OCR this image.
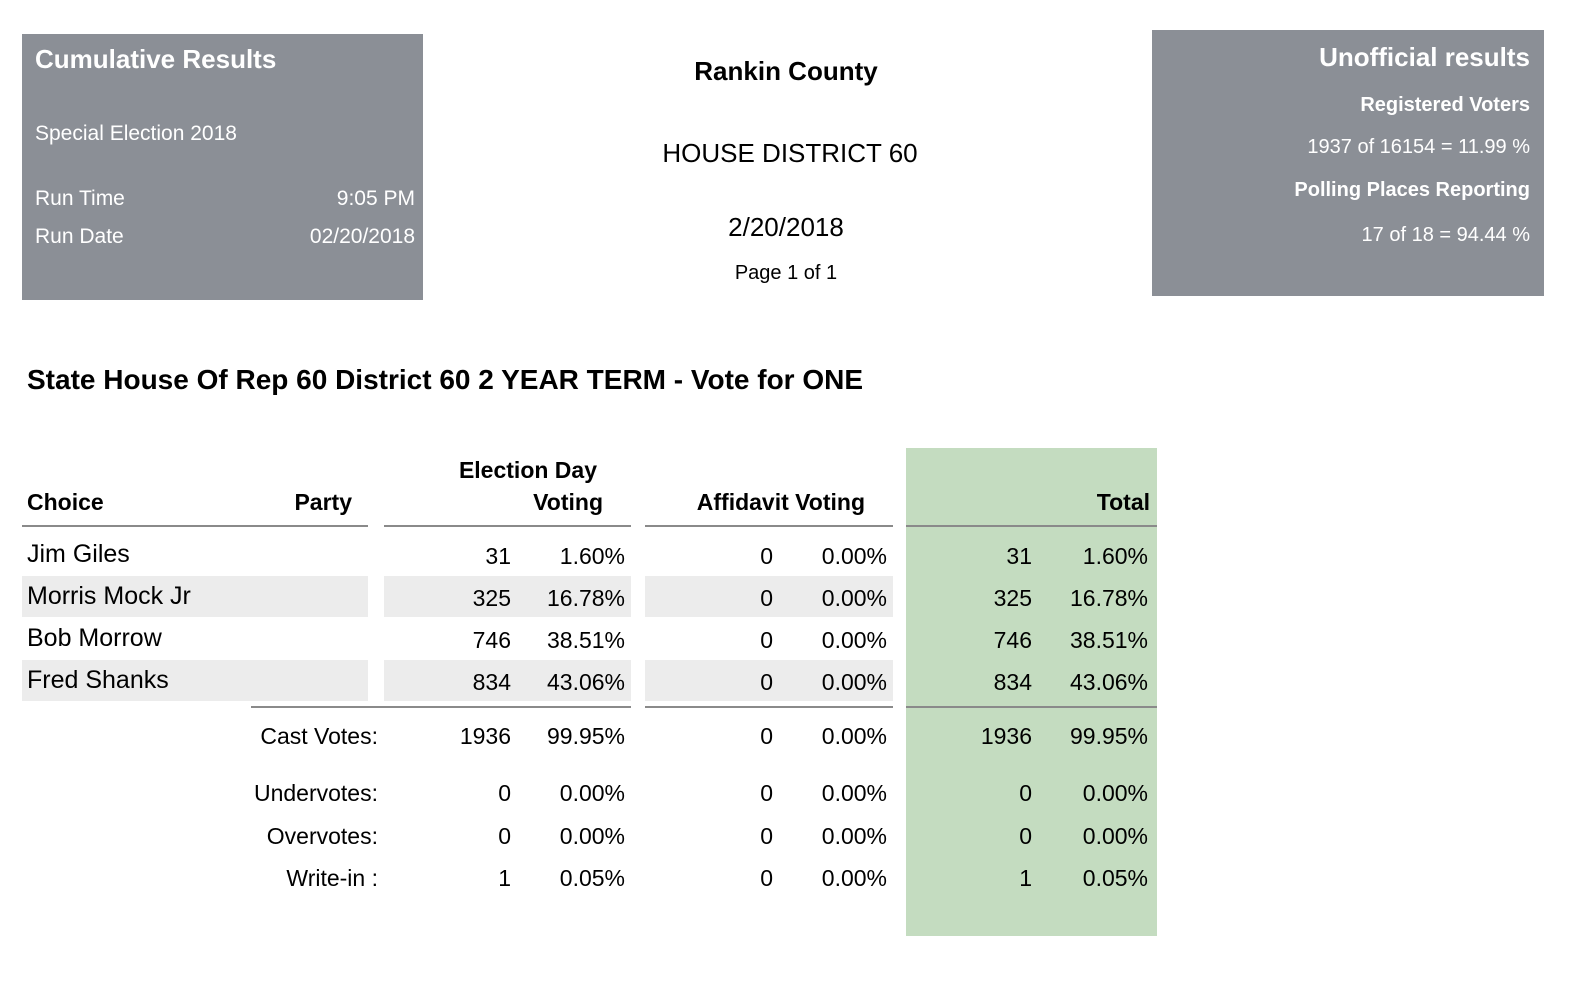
Cumulative Results
Special Election 2018
Run Time	9:05 PM
Run Date	02/20/2018
Rankin County
HOUSE DISTRICT 60
2/20/2018
Page 1 of 1
Unofficial results
Registered Voters
1937 of 16154 = 11.99 %
Polling Places Reporting
17 of 18 = 94.44 %
State House Of Rep 60 District 60 2 YEAR TERM - Vote for ONE
Choice	Party
Election Day
Voting	Affidavit Voting	Total
Jim Giles	31 1.60%	0 0.00%	31 1.60%
Morris Mock Jr	325 16.78%	0 0.00%	325 16.78%
Bob Morrow	746 38.51%	0 0.00%	746 38.51%
Fred Shanks	834 43.06%	0 0.00%	834 43.06%
Cast Votes:	1936 99.95%	0 0.00%	1936 99.95%
Undervotes:	0 0.00%	0 0.00%	0 0.00%
Overvotes:	0 0.00%	0 0.00%	0 0.00%
Write-in :	1 0.05%	0 0.00%	1 0.05%
